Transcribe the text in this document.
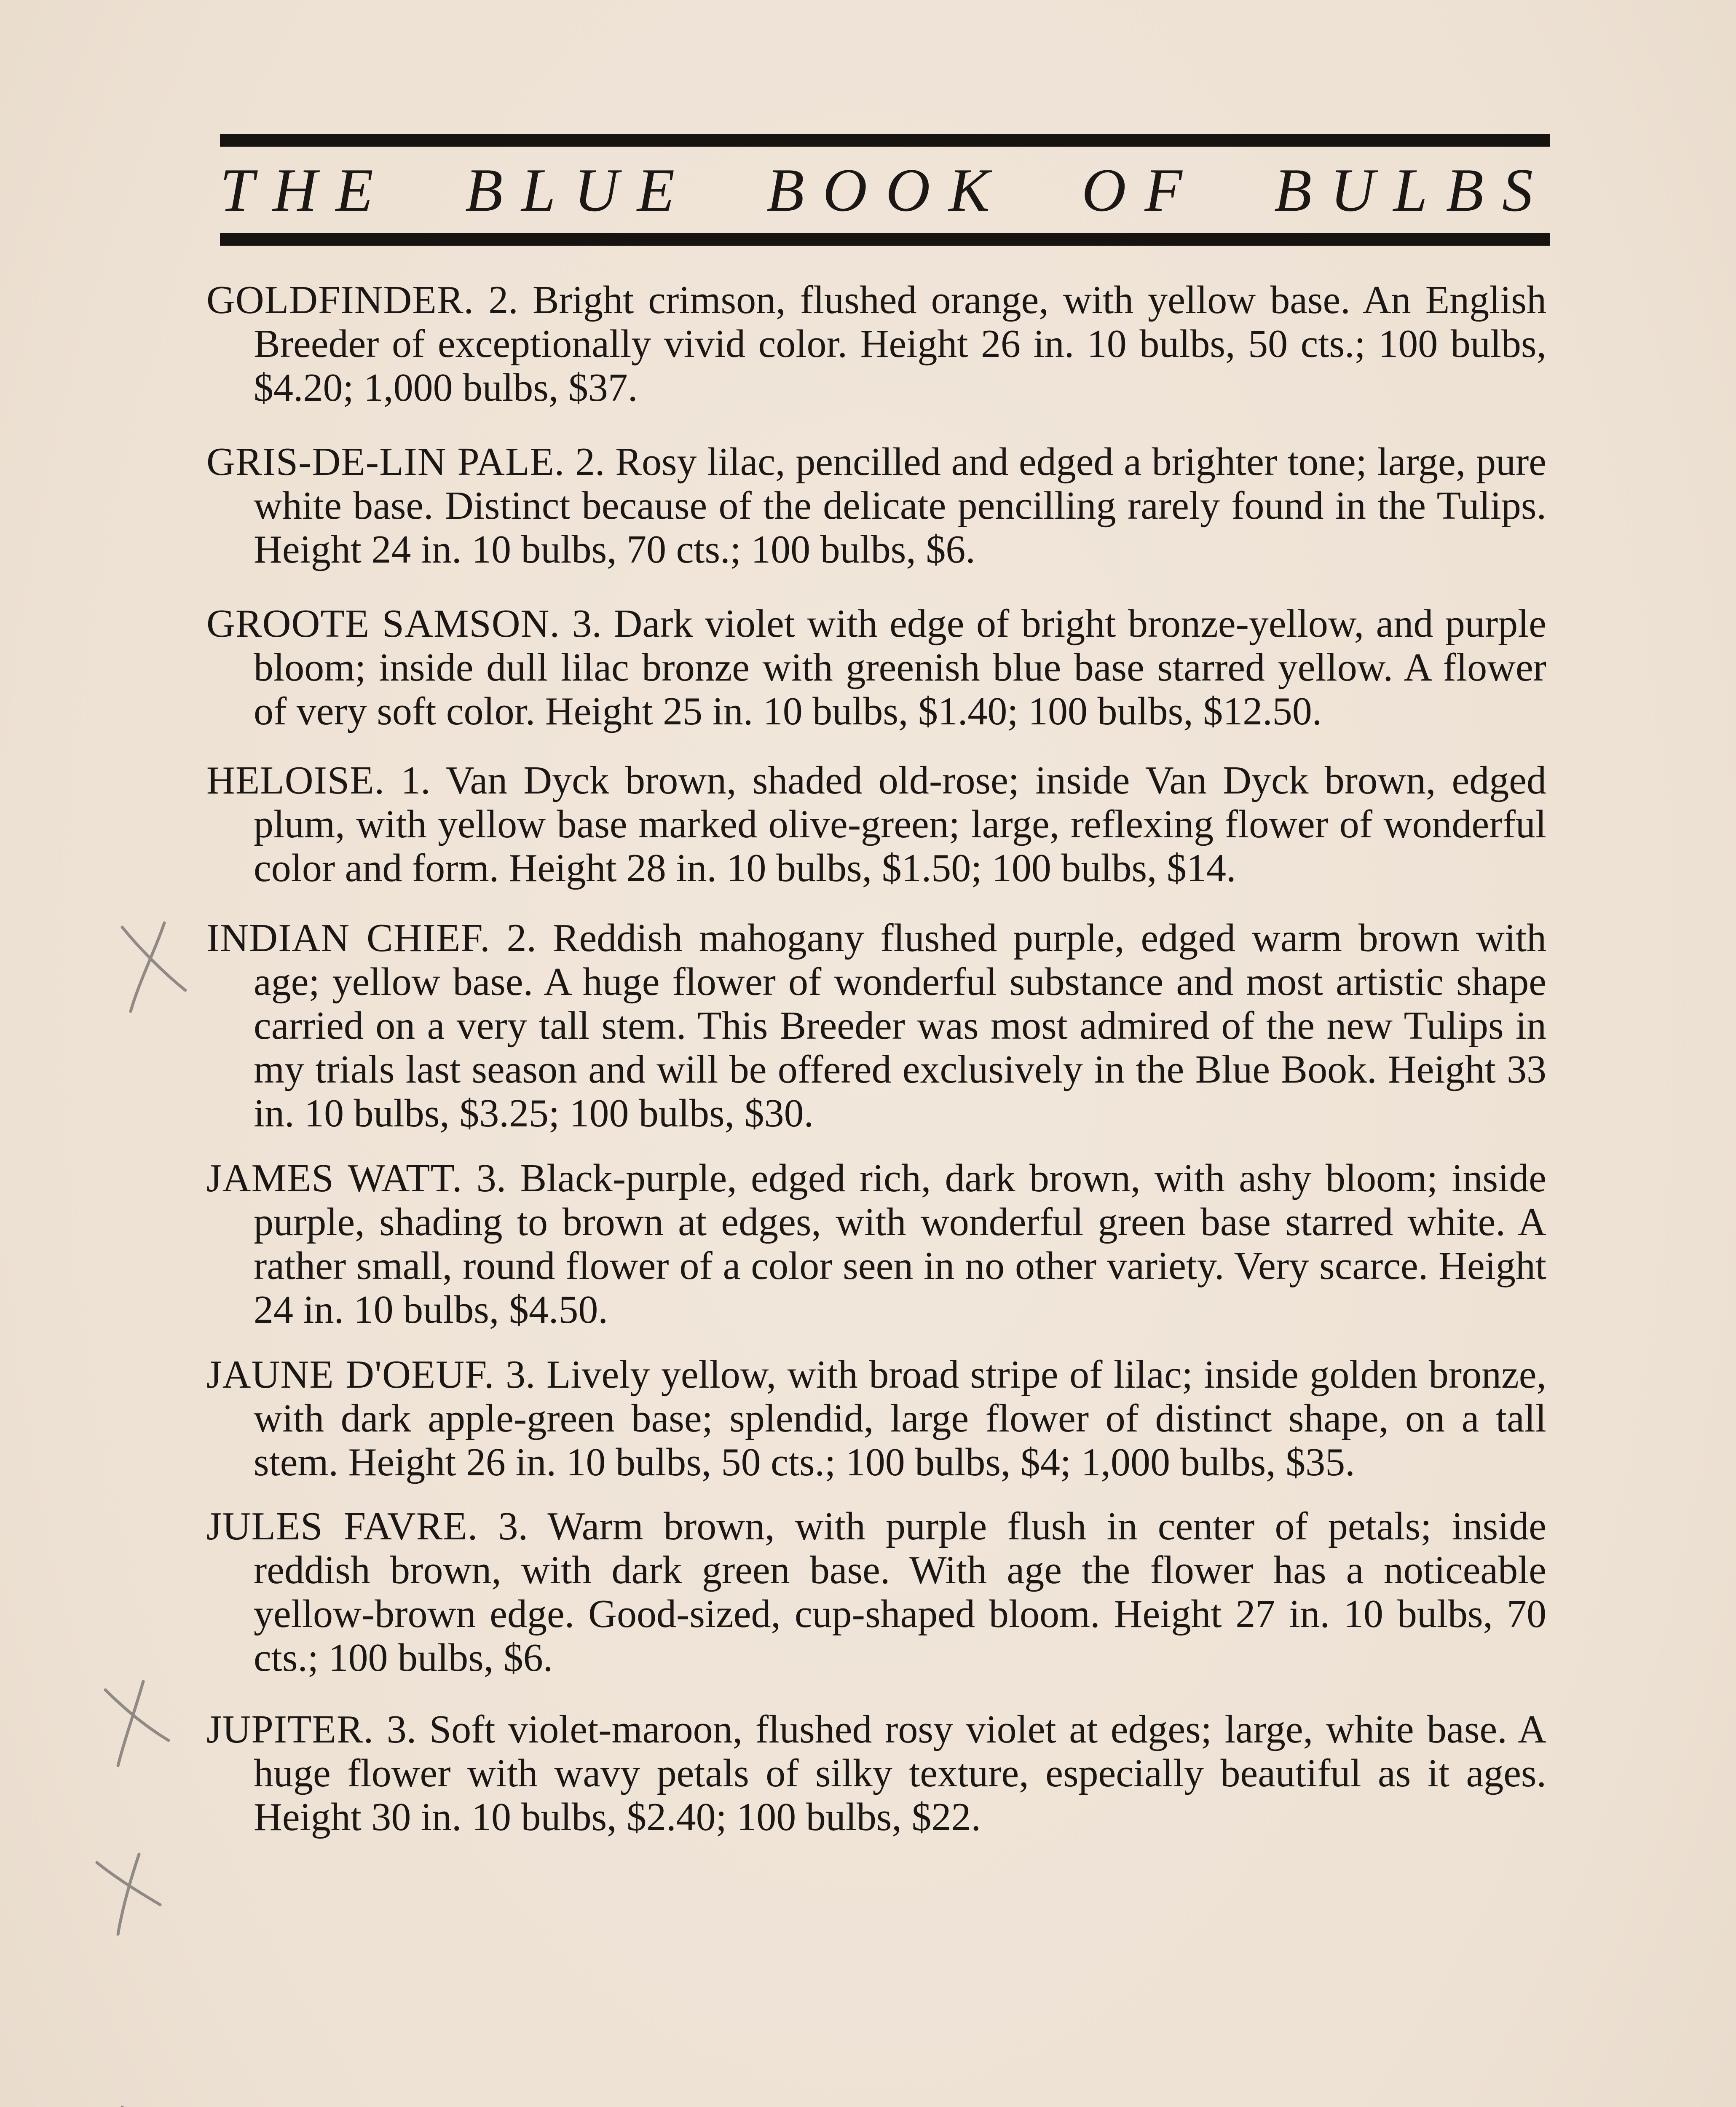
THE BLUE BOOK OF BULBS

GOLDFINDER. 2. Bright crimson, flushed orange, with yellow base. An English Breeder of exceptionally vivid color. Height 26 in. 10 bulbs, 50 cts.; 100 bulbs, $4.20; 1,000 bulbs, $37.

GRIS-DE-LIN PALE. 2. Rosy lilac, pencilled and edged a brighter tone; large, pure white base. Distinct because of the delicate pencilling rarely found in the Tulips. Height 24 in. 10 bulbs, 70 cts.; 100 bulbs, $6.

GROOTE SAMSON. 3. Dark violet with edge of bright bronze-yellow, and purple bloom; inside dull lilac bronze with greenish blue base starred yellow. A flower of very soft color. Height 25 in. 10 bulbs, $1.40; 100 bulbs, $12.50.

HELOISE. 1. Van Dyck brown, shaded old-rose; inside Van Dyck brown, edged plum, with yellow base marked olive-green; large, reflexing flower of wonderful color and form. Height 28 in. 10 bulbs, $1.50; 100 bulbs, $14.

INDIAN CHIEF. 2. Reddish mahogany flushed purple, edged warm brown with age; yellow base. A huge flower of wonderful substance and most artistic shape carried on a very tall stem. This Breeder was most admired of the new Tulips in my trials last season and will be offered exclusively in the Blue Book. Height 33 in. 10 bulbs, $3.25; 100 bulbs, $30.

JAMES WATT. 3. Black-purple, edged rich, dark brown, with ashy bloom; inside purple, shading to brown at edges, with wonderful green base starred white. A rather small, round flower of a color seen in no other variety. Very scarce. Height 24 in. 10 bulbs, $4.50.

JAUNE D'OEUF. 3. Lively yellow, with broad stripe of lilac; inside golden bronze, with dark apple-green base; splendid, large flower of distinct shape, on a tall stem. Height 26 in. 10 bulbs, 50 cts.; 100 bulbs, $4; 1,000 bulbs, $35.

JULES FAVRE. 3. Warm brown, with purple flush in center of petals; inside reddish brown, with dark green base. With age the flower has a noticeable yellow-brown edge. Good-sized, cup-shaped bloom. Height 27 in. 10 bulbs, 70 cts.; 100 bulbs, $6.

JUPITER. 3. Soft violet-maroon, flushed rosy violet at edges; large, white base. A huge flower with wavy petals of silky texture, especially beautiful as it ages. Height 30 in. 10 bulbs, $2.40; 100 bulbs, $22.
